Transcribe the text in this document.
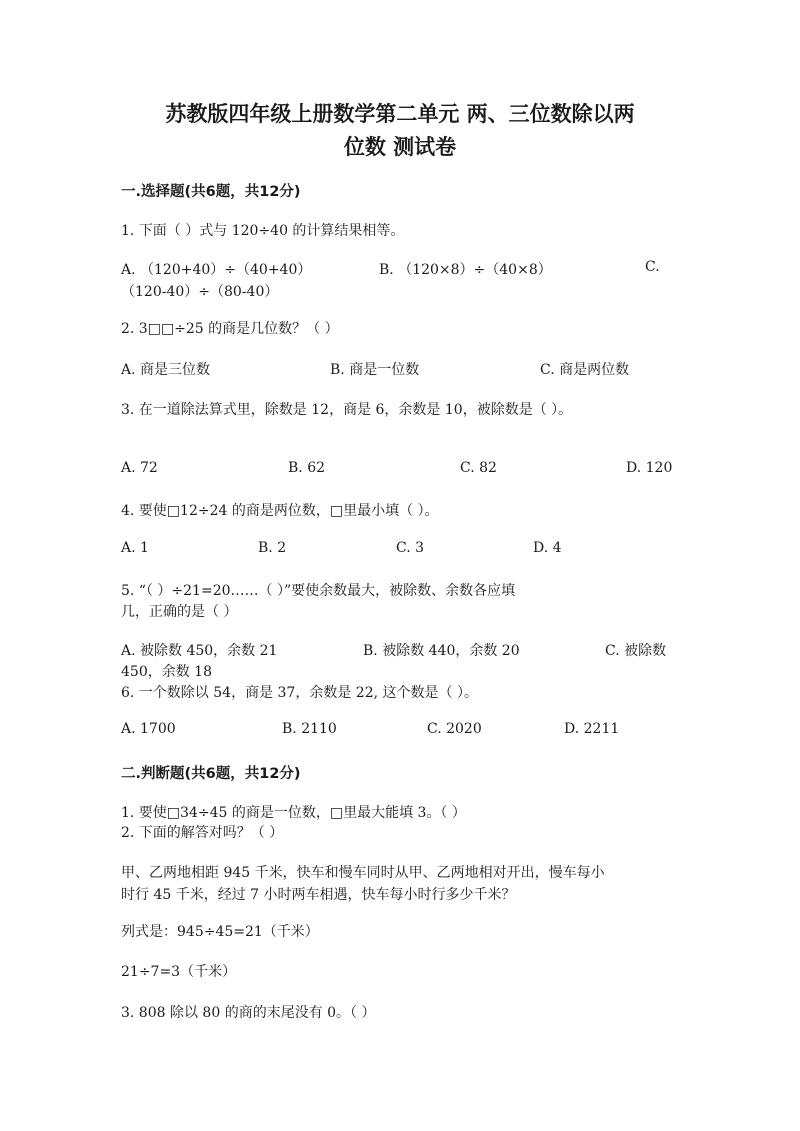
苏教版四年级上册数学第二单元 两、三位数除以两
位数 测试卷
一.选择题(共6题，共12分)
1. 下面（ ）式与 120÷40 的计算结果相等。
A. （120+40）÷（40+40）	B. （120×8）÷（40×8）	C.
（120-40）÷（80-40）
2. 3□□÷25 的商是几位数？（ ）
A. 商是三位数	B. 商是一位数	C. 商是两位数
3. 在一道除法算式里，除数是 12，商是 6，余数是 10，被除数是（ ）。
A. 72	B. 62	C. 82	D. 120
4. 要使□12÷24 的商是两位数，□里最小填（ ）。
A. 1	B. 2	C. 3	D. 4
5. “（ ）÷21=20……（ ）”要使余数最大，被除数、余数各应填
几，正确的是（ ）
A. 被除数 450，余数 21	B. 被除数 440，余数 20	C. 被除数
450，余数 18
6. 一个数除以 54，商是 37，余数是 22, 这个数是（ ）。
A. 1700	B. 2110	C. 2020	D. 2211
二.判断题(共6题，共12分)
1. 要使□34÷45 的商是一位数，□里最大能填 3。（ ）
2. 下面的解答对吗？（ ）
甲、乙两地相距 945 千米，快车和慢车同时从甲、乙两地相对开出，慢车每小
时行 45 千米，经过 7 小时两车相遇，快车每小时行多少千米？
列式是：945÷45=21（千米）
21÷7=3（千米）
3. 808 除以 80 的商的末尾没有 0。（ ）
